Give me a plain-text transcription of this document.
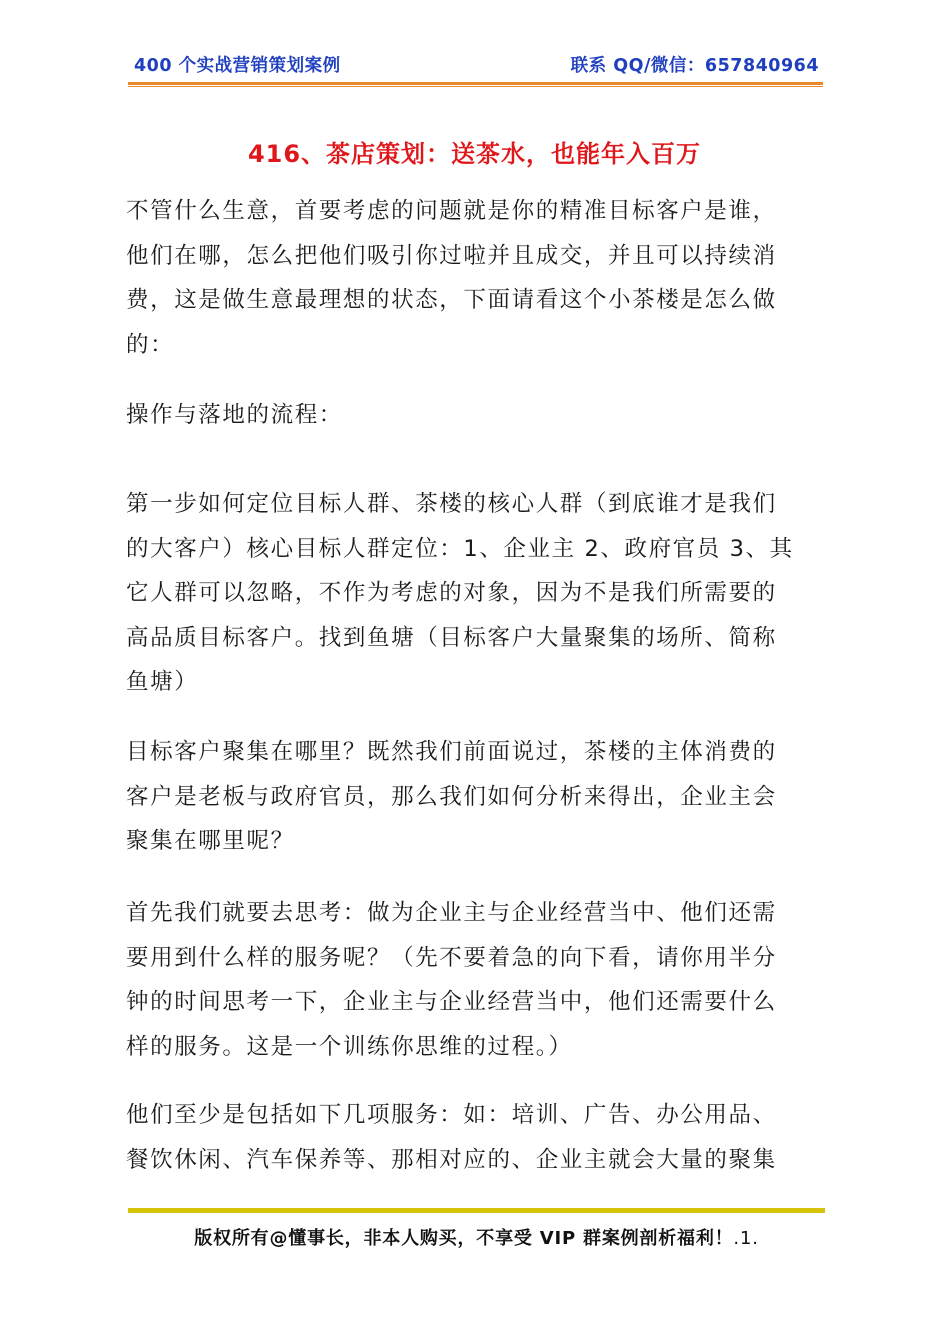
400 个实战营销策划案例	联系 QQ/微信：657840964
416、茶店策划：送茶水，也能年入百万
不管什么生意，首要考虑的问题就是你的精准目标客户是谁，
他们在哪，怎么把他们吸引你过啦并且成交，并且可以持续消
费，这是做生意最理想的状态，下面请看这个小茶楼是怎么做
的：
操作与落地的流程：
第一步如何定位目标人群、茶楼的核心人群（到底谁才是我们
的大客户）核心目标人群定位：1、企业主 2、政府官员 3、其
它人群可以忽略，不作为考虑的对象，因为不是我们所需要的
高品质目标客户。找到鱼塘（目标客户大量聚集的场所、简称
鱼塘）
目标客户聚集在哪里？既然我们前面说过，茶楼的主体消费的
客户是老板与政府官员，那么我们如何分析来得出，企业主会
聚集在哪里呢？
首先我们就要去思考：做为企业主与企业经营当中、他们还需
要用到什么样的服务呢？（先不要着急的向下看，请你用半分
钟的时间思考一下，企业主与企业经营当中，他们还需要什么
样的服务。这是一个训练你思维的过程。）
他们至少是包括如下几项服务：如：培训、广告、办公用品、
餐饮休闲、汽车保养等、那相对应的、企业主就会大量的聚集
版权所有@懂事长，非本人购买，不享受 VIP 群案例剖析福利！.1.
